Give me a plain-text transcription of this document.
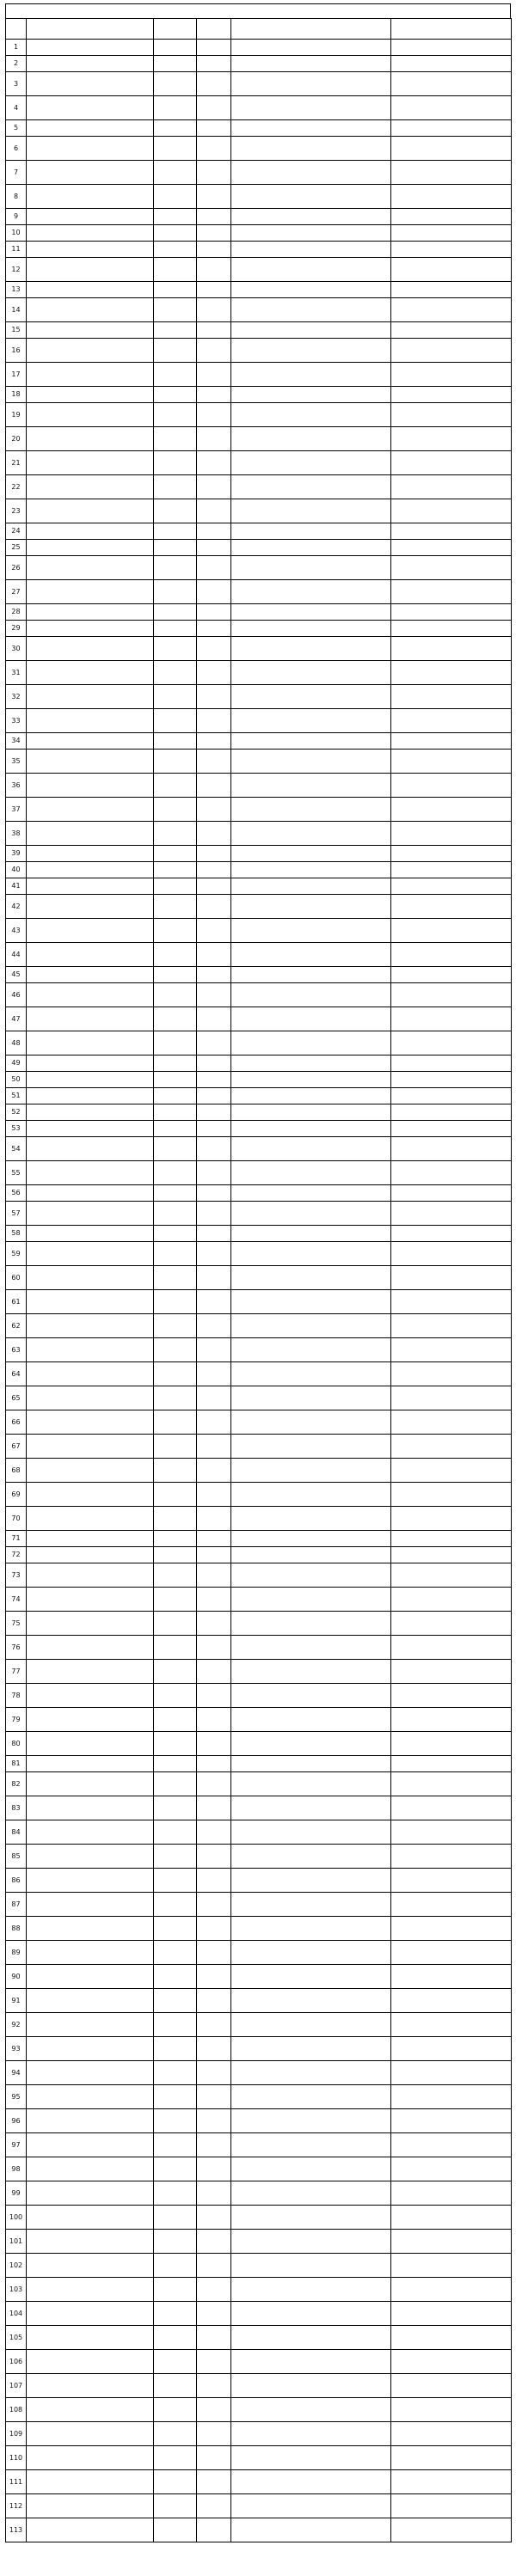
1					
2					
3					
4					
5					
6					
7					
8					
9					
10					
11					
12					
13					
14					
15					
16					
17					
18					
19					
20					
21					
22					
23					
24					
25					
26					
27					
28					
29					
30					
31					
32					
33					
34					
35					
36					
37					
38					
39					
40					
41					
42					
43					
44					
45					
46					
47					
48					
49					
50					
51					
52					
53					
54					
55					
56					
57					
58					
59					
60					
61					
62					
63					
64					
65					
66					
67					
68					
69					
70					
71					
72					
73					
74					
75					
76					
77					
78					
79					
80					
81					
82					
83					
84					
85					
86					
87					
88					
89					
90					
91					
92					
93					
94					
95					
96					
97					
98					
99					
100					
101					
102					
103					
104					
105					
106					
107					
108					
109					
110					
111					
112					
113					
